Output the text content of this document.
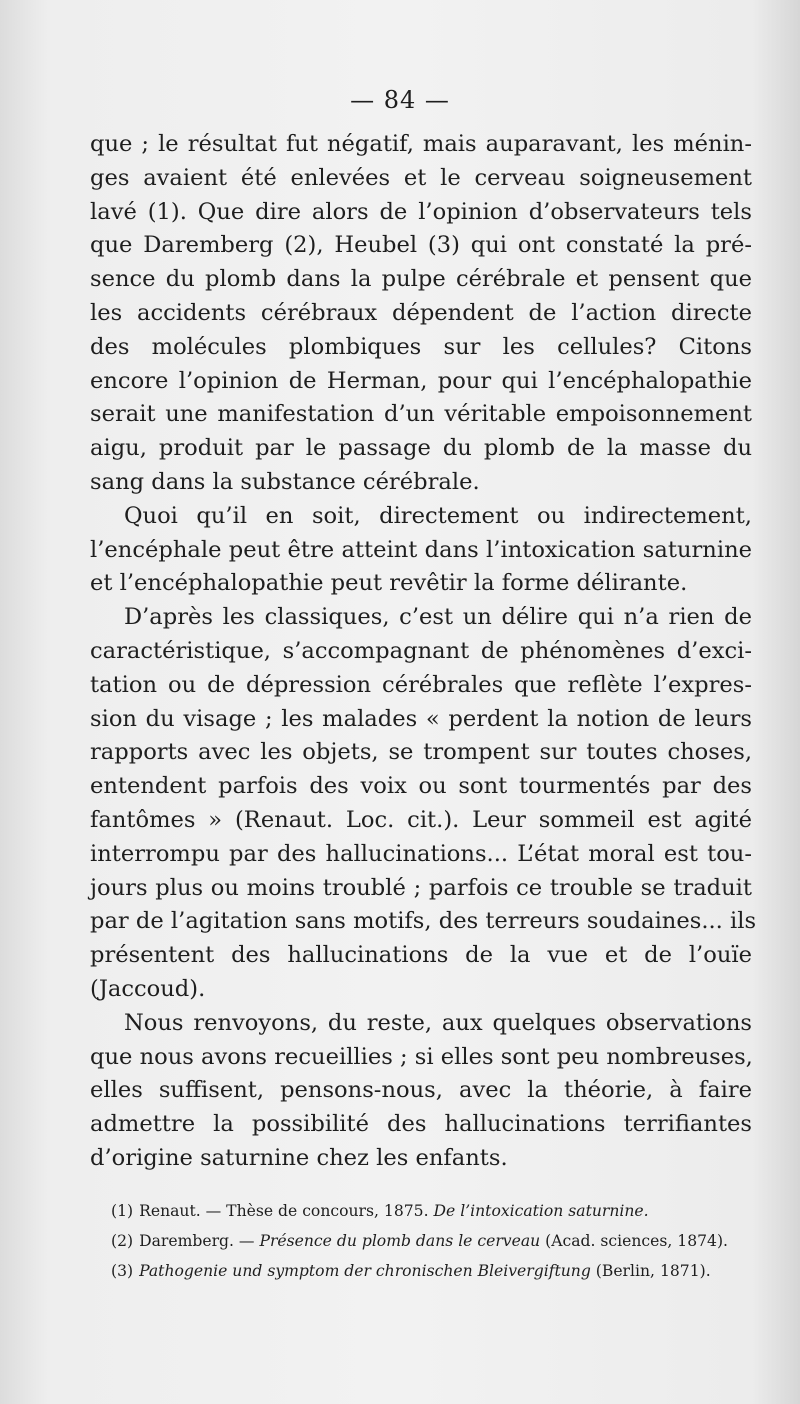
— 84 —
que ; le résultat fut négatif, mais auparavant, les ménin-
ges avaient été enlevées et le cerveau soigneusement
lavé (1). Que dire alors de l’opinion d’observateurs tels
que Daremberg (2), Heubel (3) qui ont constaté la pré-
sence du plomb dans la pulpe cérébrale et pensent que
les accidents cérébraux dépendent de l’action directe
des molécules plombiques sur les cellules? Citons
encore l’opinion de Herman, pour qui l’encéphalopathie
serait une manifestation d’un véritable empoisonnement
aigu, produit par le passage du plomb de la masse du
sang dans la substance cérébrale.
Quoi qu’il en soit, directement ou indirectement,
l’encéphale peut être atteint dans l’intoxication saturnine
et l’encéphalopathie peut revêtir la forme délirante.
D’après les classiques, c’est un délire qui n’a rien de
caractéristique, s’accompagnant de phénomènes d’exci-
tation ou de dépression cérébrales que reflète l’expres-
sion du visage ; les malades « perdent la notion de leurs
rapports avec les objets, se trompent sur toutes choses,
entendent parfois des voix ou sont tourmentés par des
fantômes » (Renaut. Loc. cit.). Leur sommeil est agité
interrompu par des hallucinations... L’état moral est tou-
jours plus ou moins troublé ; parfois ce trouble se traduit
par de l’agitation sans motifs, des terreurs soudaines... ils
présentent des hallucinations de la vue et de l’ouïe
(Jaccoud).
Nous renvoyons, du reste, aux quelques observations
que nous avons recueillies ; si elles sont peu nombreuses,
elles suffisent, pensons-nous, avec la théorie, à faire
admettre la possibilité des hallucinations terrifiantes
d’origine saturnine chez les enfants.
(1) Renaut. — Thèse de concours, 1875. De l’intoxication saturnine.
(2) Daremberg. — Présence du plomb dans le cerveau (Acad. sciences, 1874).
(3) Pathogenie und symptom der chronischen Bleivergiftung (Berlin, 1871).
